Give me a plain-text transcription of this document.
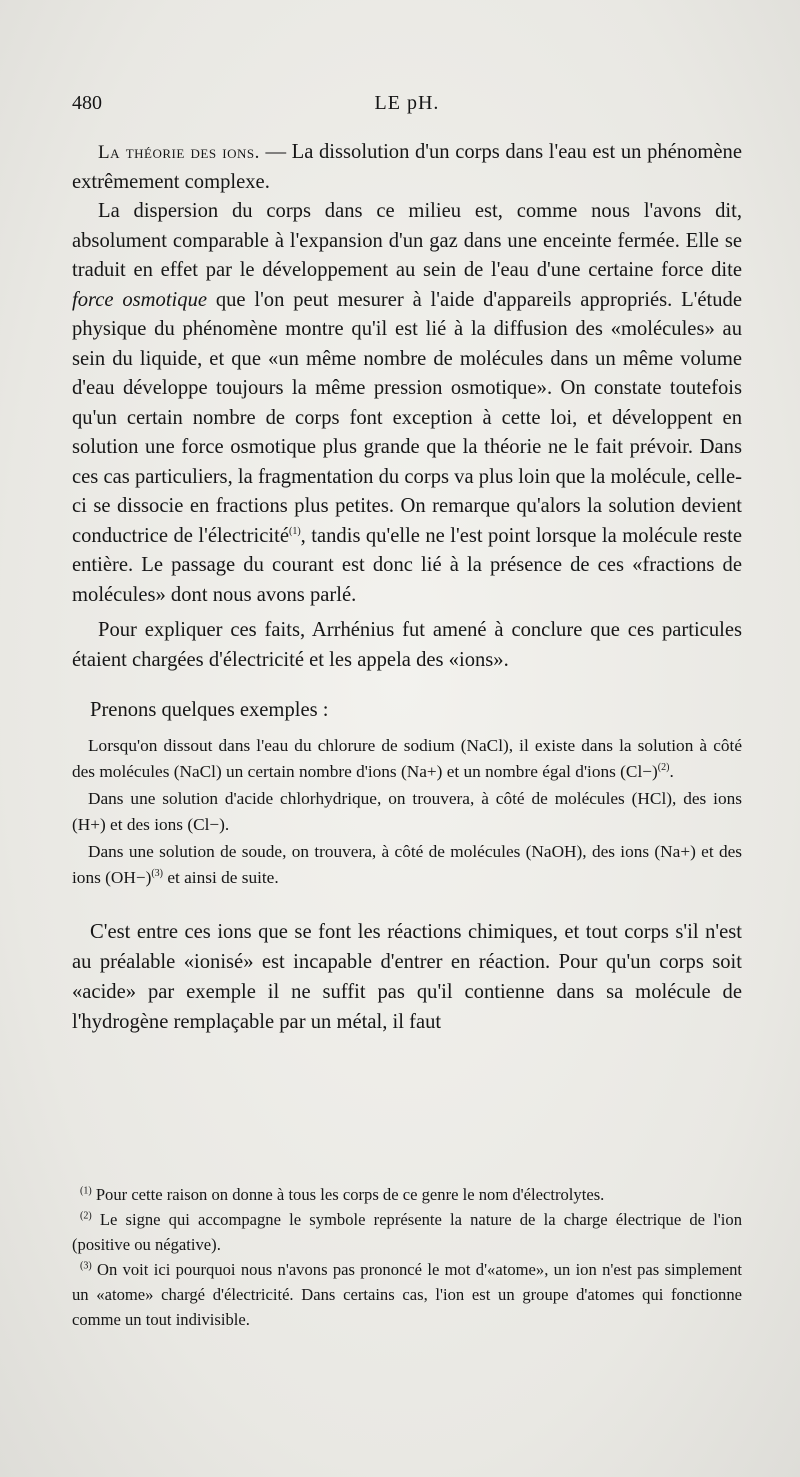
480	LE pH.

La théorie des ions. — La dissolution d'un corps dans l'eau est un phénomène extrêmement complexe.

La dispersion du corps dans ce milieu est, comme nous l'avons dit, absolument comparable à l'expansion d'un gaz dans une enceinte fermée. Elle se traduit en effet par le développement au sein de l'eau d'une certaine force dite force osmotique que l'on peut mesurer à l'aide d'appareils appropriés. L'étude physique du phénomène montre qu'il est lié à la diffusion des «molécules» au sein du liquide, et que «un même nombre de molécules dans un même volume d'eau développe toujours la même pression osmotique». On constate toutefois qu'un certain nombre de corps font exception à cette loi, et développent en solution une force osmotique plus grande que la théorie ne le fait prévoir. Dans ces cas particuliers, la fragmentation du corps va plus loin que la molécule, celle-ci se dissocie en fractions plus petites. On remarque qu'alors la solution devient conductrice de l'électricité$^{(1)}$, tandis qu'elle ne l'est point lorsque la molécule reste entière. Le passage du courant est donc lié à la présence de ces «fractions de molécules» dont nous avons parlé.

Pour expliquer ces faits, Arrhénius fut amené à conclure que ces particules étaient chargées d'électricité et les appela des «ions».

Prenons quelques exemples :

Lorsqu'on dissout dans l'eau du chlorure de sodium (NaCl), il existe dans la solution à côté des molécules (NaCl) un certain nombre d'ions (Na+) et un nombre égal d'ions $(Cl-)^{(2)}$.

Dans une solution d'acide chlorhydrique, on trouvera, à côté de molécules (HCl), des ions (H+) et des ions (Cl−).

Dans une solution de soude, on trouvera, à côté de molécules (NaOH), des ions (Na+) et des ions $(OH-)^{(3)}$ et ainsi de suite.

C'est entre ces ions que se font les réactions chimiques, et tout corps s'il n'est au préalable «ionisé» est incapable d'entrer en réaction. Pour qu'un corps soit «acide» par exemple il ne suffit pas qu'il contienne dans sa molécule de l'hydrogène remplaçable par un métal, il faut

$^{(1)}$ Pour cette raison on donne à tous les corps de ce genre le nom d'électrolytes.

$^{(2)}$ Le signe qui accompagne le symbole représente la nature de la charge électrique de l'ion (positive ou négative).

$^{(3)}$ On voit ici pourquoi nous n'avons pas prononcé le mot d'«atome», un ion n'est pas simplement un «atome» chargé d'électricité. Dans certains cas, l'ion est un groupe d'atomes qui fonctionne comme un tout indivisible.
